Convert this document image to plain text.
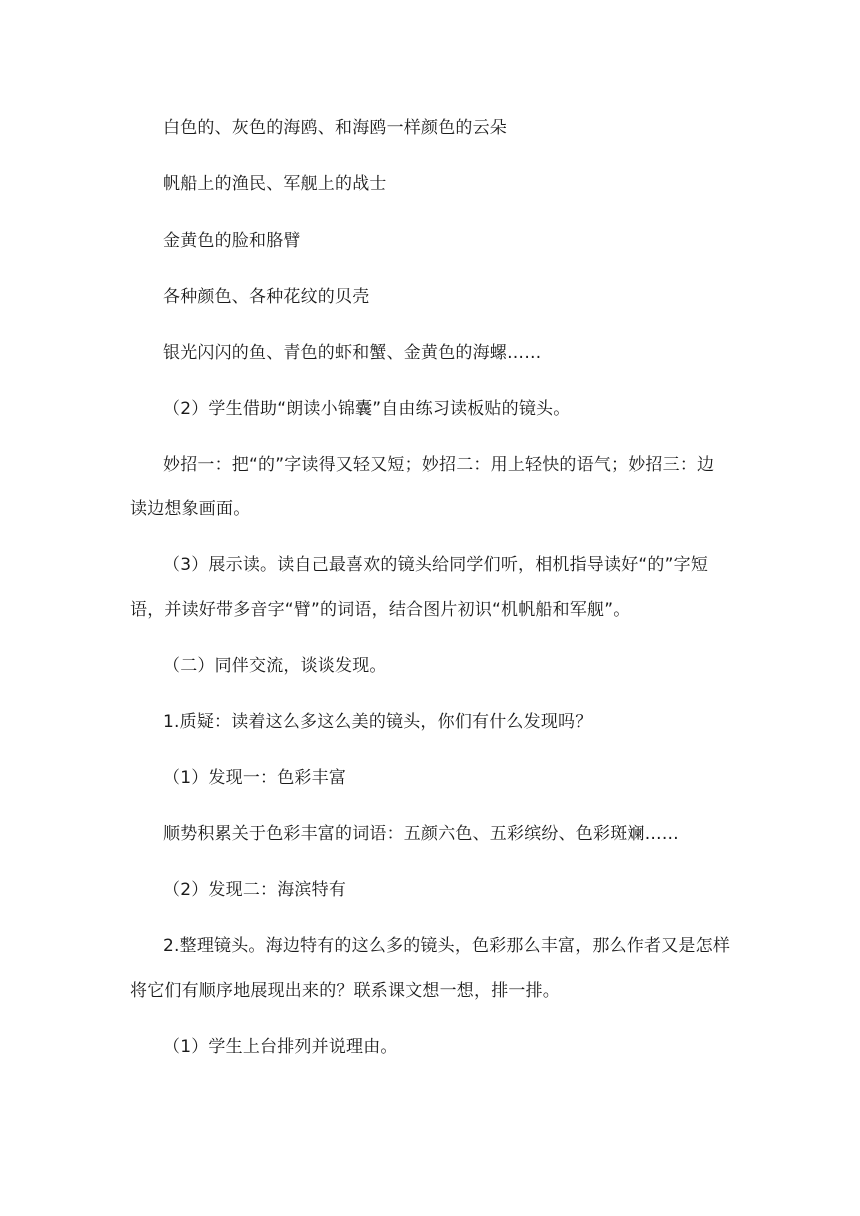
白色的、灰色的海鸥、和海鸥一样颜色的云朵
帆船上的渔民、军舰上的战士
金黄色的脸和胳臂
各种颜色、各种花纹的贝壳
银光闪闪的鱼、青色的虾和蟹、金黄色的海螺……
（2）学生借助“朗读小锦囊”自由练习读板贴的镜头。
妙招一：把“的”字读得又轻又短；妙招二：用上轻快的语气；妙招三：边
读边想象画面。
（3）展示读。读自己最喜欢的镜头给同学们听，相机指导读好“的”字短
语，并读好带多音字“臂”的词语，结合图片初识“机帆船和军舰”。
（二）同伴交流，谈谈发现。
1.质疑：读着这么多这么美的镜头，你们有什么发现吗？
（1）发现一：色彩丰富
顺势积累关于色彩丰富的词语：五颜六色、五彩缤纷、色彩斑斓……
（2）发现二：海滨特有
2.整理镜头。海边特有的这么多的镜头，色彩那么丰富，那么作者又是怎样
将它们有顺序地展现出来的？联系课文想一想，排一排。
（1）学生上台排列并说理由。
